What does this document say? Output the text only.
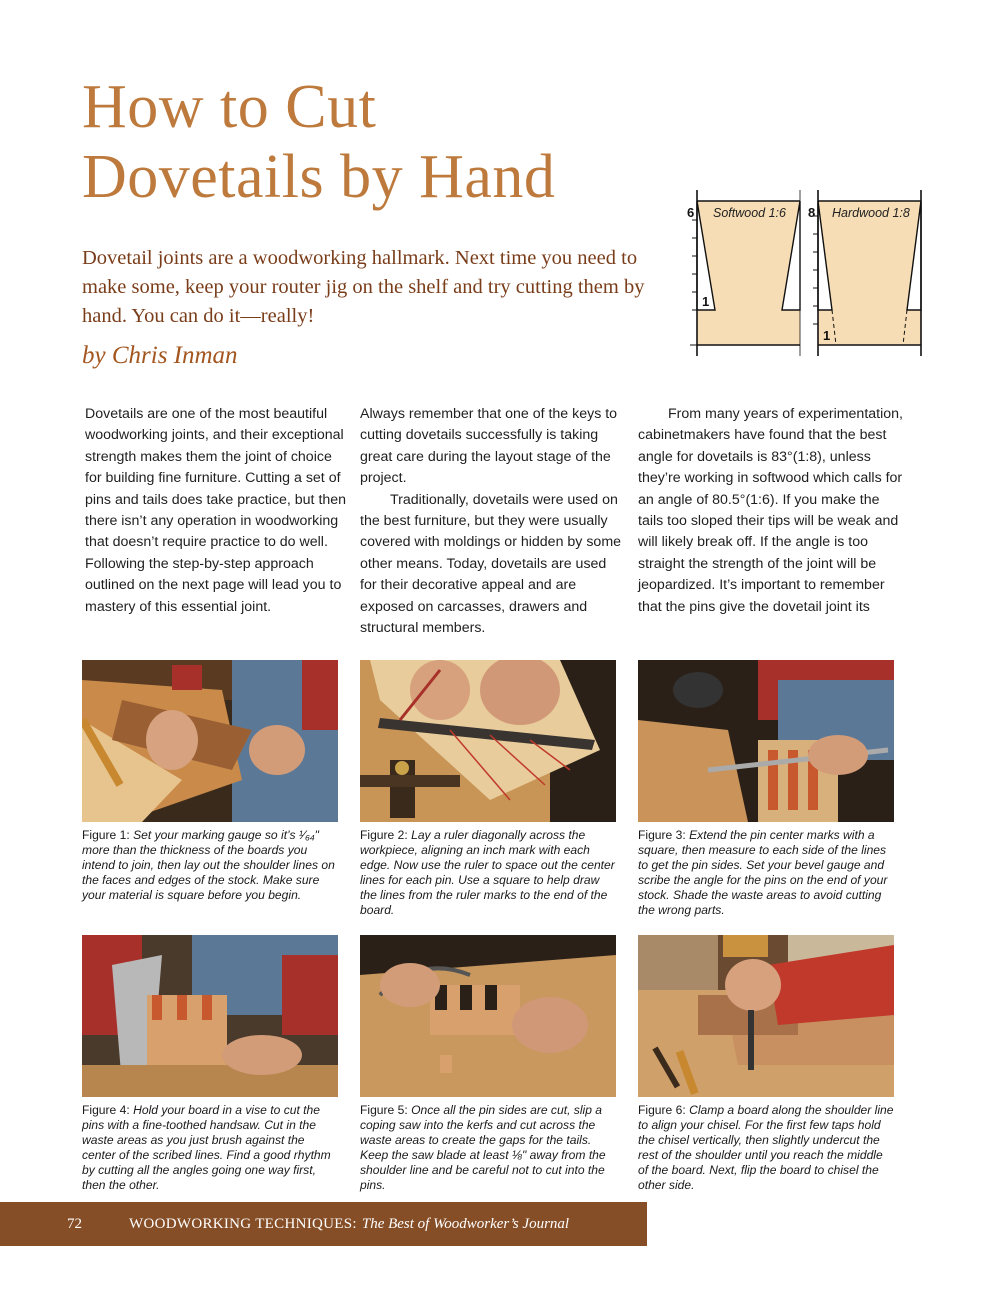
How to Cut
Dovetails by Hand

Dovetail joints are a woodworking hallmark. Next time you need to make some, keep your router jig on the shelf and try cutting them by hand. You can do it—really!

by Chris Inman

6 Softwood 1:6
1
8 Hardwood 1:8
1

Dovetails are one of the most beautiful woodworking joints, and their exceptional strength makes them the joint of choice for building fine furniture. Cutting a set of pins and tails does take practice, but then there isn’t any operation in woodworking that doesn’t require practice to do well. Following the step-by-step approach outlined on the next page will lead you to mastery of this essential joint.

Always remember that one of the keys to cutting dovetails successfully is taking great care during the layout stage of the project.

Traditionally, dovetails were used on the best furniture, but they were usually covered with moldings or hidden by some other means. Today, dovetails are used for their decorative appeal and are exposed on carcasses, drawers and structural members.

From many years of experimentation, cabinetmakers have found that the best angle for dovetails is 83°(1:8), unless they’re working in softwood which calls for an angle of 80.5°(1:6). If you make the tails too sloped their tips will be weak and will likely break off. If the angle is too straight the strength of the joint will be jeopardized. It’s important to remember that the pins give the dovetail joint its

Figure 1: Set your marking gauge so it’s ¹⁄₆₄" more than the thickness of the boards you intend to join, then lay out the shoulder lines on the faces and edges of the stock. Make sure your material is square before you begin.

Figure 2: Lay a ruler diagonally across the workpiece, aligning an inch mark with each edge. Now use the ruler to space out the center lines for each pin. Use a square to help draw the lines from the ruler marks to the end of the board.

Figure 3: Extend the pin center marks with a square, then measure to each side of the lines to get the pin sides. Set your bevel gauge and scribe the angle for the pins on the end of your stock. Shade the waste areas to avoid cutting the wrong parts.

Figure 4: Hold your board in a vise to cut the pins with a fine-toothed handsaw. Cut in the waste areas as you just brush against the center of the scribed lines. Find a good rhythm by cutting all the angles going one way first, then the other.

Figure 5: Once all the pin sides are cut, slip a coping saw into the kerfs and cut across the waste areas to create the gaps for the tails. Keep the saw blade at least ⅛" away from the shoulder line and be careful not to cut into the pins.

Figure 6: Clamp a board along the shoulder line to align your chisel. For the first few taps hold the chisel vertically, then slightly undercut the rest of the shoulder until you reach the middle of the board. Next, flip the board to chisel the other side.

72	WOODWORKING TECHNIQUES: The Best of Woodworker’s Journal
